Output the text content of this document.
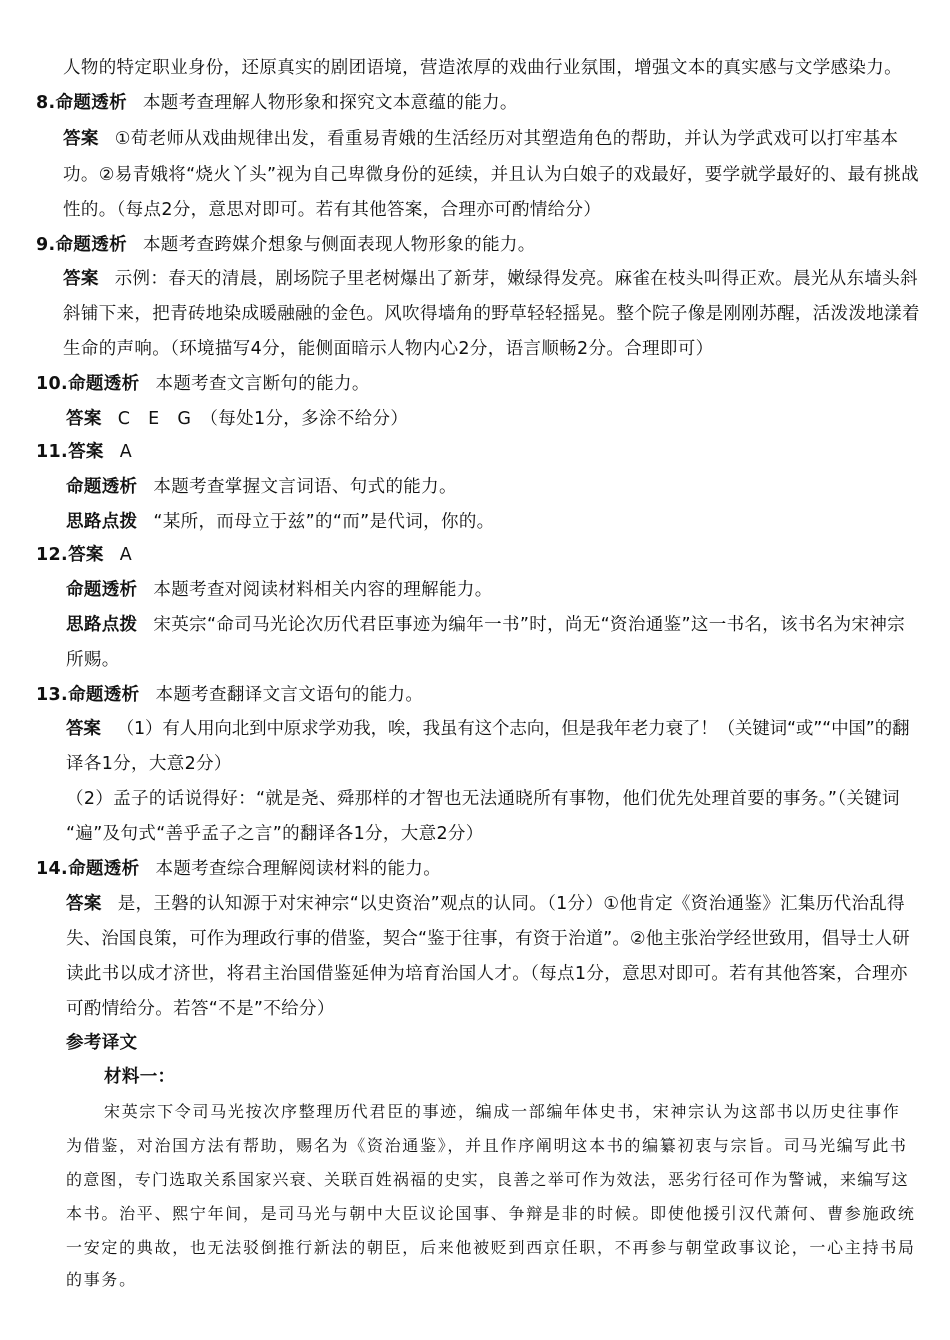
人物的特定职业身份，还原真实的剧团语境，营造浓厚的戏曲行业氛围，增强文本的真实感与文学感染力。
8.命题透析 本题考查理解人物形象和探究文本意蕴的能力。
答案 ①荀老师从戏曲规律出发，看重易青娥的生活经历对其塑造角色的帮助，并认为学武戏可以打牢基本
功。②易青娥将“烧火丫头”视为自己卑微身份的延续，并且认为白娘子的戏最好，要学就学最好的、最有挑战
性的。（每点2分，意思对即可。若有其他答案，合理亦可酌情给分）
9.命题透析 本题考查跨媒介想象与侧面表现人物形象的能力。
答案 示例：春天的清晨，剧场院子里老树爆出了新芽，嫩绿得发亮。麻雀在枝头叫得正欢。晨光从东墙头斜
斜铺下来，把青砖地染成暖融融的金色。风吹得墙角的野草轻轻摇晃。整个院子像是刚刚苏醒，活泼泼地漾着
生命的声响。（环境描写4分，能侧面暗示人物内心2分，语言顺畅2分。合理即可）
10.命题透析 本题考查文言断句的能力。
答案 C　E　G　（每处1分，多涂不给分）
11.答案 A
命题透析 本题考查掌握文言词语、句式的能力。
思路点拨 “某所，而母立于兹”的“而”是代词，你的。
12.答案 A
命题透析 本题考查对阅读材料相关内容的理解能力。
思路点拨 宋英宗“命司马光论次历代君臣事迹为编年一书”时，尚无“资治通鉴”这一书名，该书名为宋神宗
所赐。
13.命题透析 本题考查翻译文言文语句的能力。
答案 （1）有人用向北到中原求学劝我，唉，我虽有这个志向，但是我年老力衰了！（关键词“或”“中国”的翻
译各1分，大意2分）
（2）孟子的话说得好：“就是尧、舜那样的才智也无法通晓所有事物，他们优先处理首要的事务。”（关键词
“遍”及句式“善乎孟子之言”的翻译各1分，大意2分）
14.命题透析 本题考查综合理解阅读材料的能力。
答案 是，王磐的认知源于对宋神宗“以史资治”观点的认同。（1分）①他肯定《资治通鉴》汇集历代治乱得
失、治国良策，可作为理政行事的借鉴，契合“鉴于往事，有资于治道”。②他主张治学经世致用，倡导士人研
读此书以成才济世，将君主治国借鉴延伸为培育治国人才。（每点1分，意思对即可。若有其他答案，合理亦
可酌情给分。若答“不是”不给分）
参考译文
材料一：
宋英宗下令司马光按次序整理历代君臣的事迹，编成一部编年体史书，宋神宗认为这部书以历史往事作
为借鉴，对治国方法有帮助，赐名为《资治通鉴》，并且作序阐明这本书的编纂初衷与宗旨。司马光编写此书
的意图，专门选取关系国家兴衰、关联百姓祸福的史实，良善之举可作为效法，恶劣行径可作为警诫，来编写这
本书。治平、熙宁年间，是司马光与朝中大臣议论国事、争辩是非的时候。即使他援引汉代萧何、曹参施政统
一安定的典故，也无法驳倒推行新法的朝臣，后来他被贬到西京任职，不再参与朝堂政事议论，一心主持书局
的事务。
